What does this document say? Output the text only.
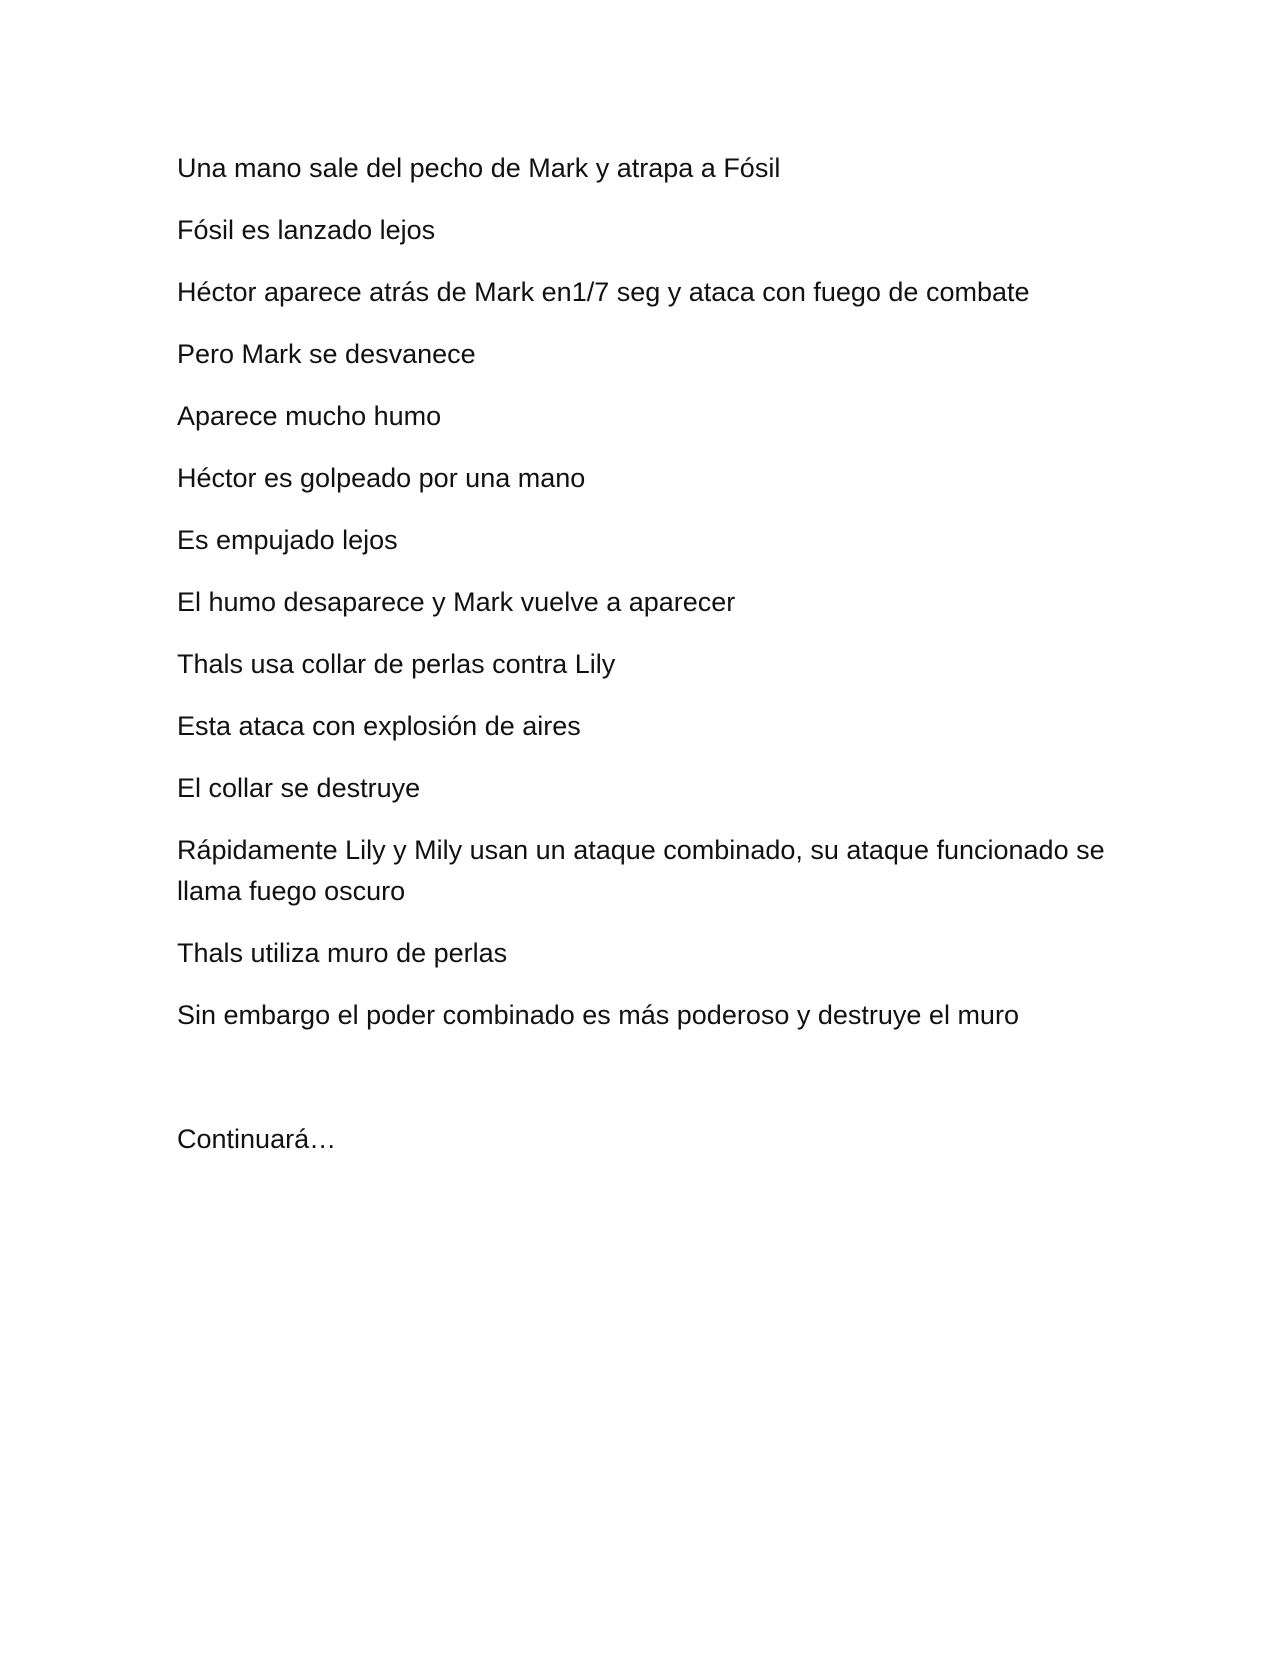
Una mano sale del pecho de Mark y atrapa a Fósil

Fósil es lanzado lejos

Héctor aparece atrás de Mark en1/7 seg y ataca con fuego de combate

Pero Mark se desvanece

Aparece mucho humo

Héctor es golpeado por una mano

Es empujado lejos

El humo desaparece y Mark vuelve a aparecer

Thals usa collar de perlas contra Lily

Esta ataca con explosión de aires

El collar se destruye

Rápidamente Lily y Mily usan un ataque combinado, su ataque funcionado se llama fuego oscuro

Thals utiliza muro de perlas

Sin embargo el poder combinado es más poderoso y destruye el muro

Continuará…
